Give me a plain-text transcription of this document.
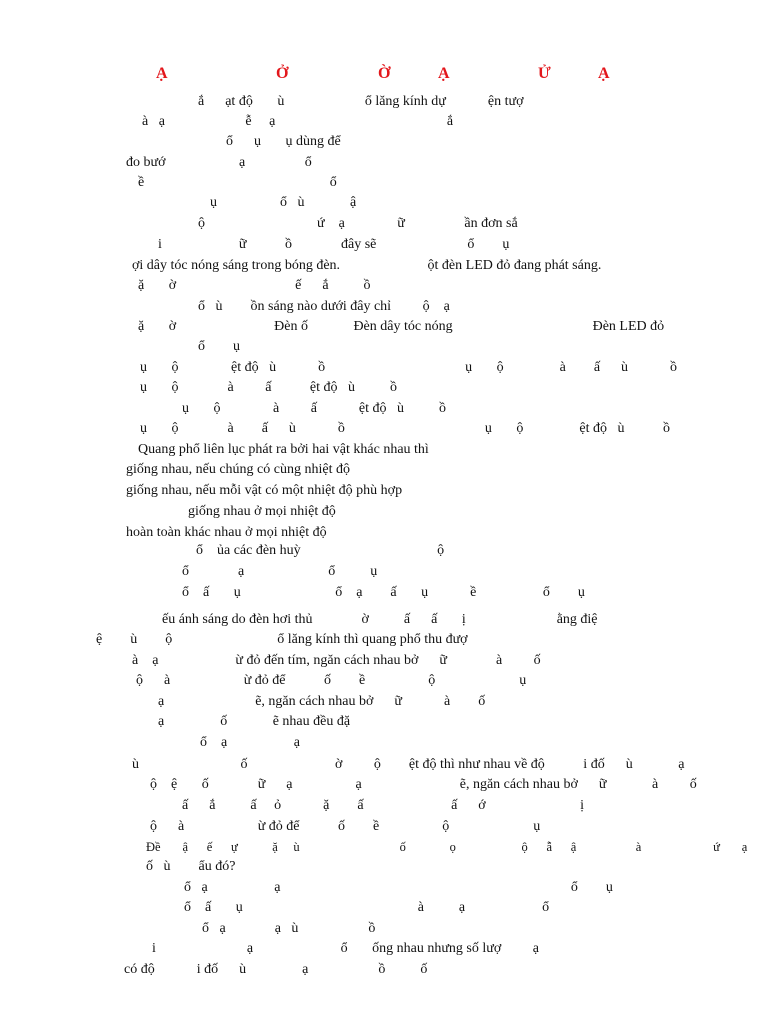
Ạ	Ở	Ờ	Ạ	Ử	Ạ
ắ      ạt độ       ù                       ổ lăng kính dự            ện tượ
à   ạ                       ễ     ạ                                                 ắ
ổ      ụ       ụ dùng để
đo bướ                     ạ                 ổ
ề                                                     ổ
ụ                  ổ   ù             ậ
ộ                                ứ    ạ               ữ                 ần đơn sắ
i                      ữ           ồ              đây sẽ                          ổ        ụ
ợi dây tóc nóng sáng trong bóng đèn.                         ột đèn LED đỏ đang phát sáng.
ặ       ờ                                  ế      ắ          ồ
ổ   ù        ồn sáng nào dưới đây chỉ         ộ    ạ
ặ       ờ                            Đèn ố             Đèn dây tóc nóng                                        Đèn LED đỏ
ổ        ụ
ụ       ộ               ệt độ   ù            ồ                                        ụ       ộ                à        ấ      ù            ồ
ụ       ộ              à         ấ           ệt độ   ù          ồ
ụ       ộ               à         ấ            ệt độ   ù          ồ
ụ       ộ              à        ấ      ù            ồ                                        ụ       ộ                ệt độ   ù           ồ
Quang phổ liên lục phát ra bởi hai vật khác nhau thì
giống nhau, nếu chúng có cùng nhiệt độ
giống nhau, nếu mỗi vật có một nhiệt độ phù hợp
giống nhau ở mọi nhiệt độ
hoàn toàn khác nhau ở mọi nhiệt độ
ổ    ủa các đèn huỳ                                       ộ
ổ              ạ                        ổ          ụ
ổ    ấ       ụ                           ổ    ạ        ấ       ụ            ề                   ổ        ụ
ếu ánh sáng do đèn hơi thủ              ờ          ấ      ấ       ị                          ằng điệ
ệ        ù        ộ                              ổ lăng kính thì quang phổ thu đượ
à    ạ                      ừ đỏ đến tím, ngăn cách nhau bở      ữ              à         ố
ộ      à                     ừ đỏ để           ố        ề                  ộ                        ụ
ạ                          ẽ, ngăn cách nhau bở      ữ            à        ố
ạ                ố             ẽ nhau đều đặ
ổ    ạ                   ạ
ù                             ố                         ờ         ộ        ệt độ thì như nhau về độ           i đố      ù             ạ
ộ    ệ       ố              ữ      ạ                  ạ                            ẽ, ngăn cách nhau bở      ữ             à         ố
ấ      ắ          ấ     ỏ            ặ        ấ                         ấ      ớ                           ị
ộ      à                     ừ đỏ để           ố        ề                  ộ                        ụ
Đề       ậ      ế      ự           ặ     ù                                ố              ọ                     ộ      ẫ      ậ                   à                       ứ       ạ
ố   ù        ẩu đó?
ổ   ạ                   ạ                                                                                   ổ        ụ
ổ    ấ       ụ                                                  à          ạ                      ổ
ổ   ạ              ạ   ù                    ồ
i                          ạ                         ổ       ống nhau nhưng số lượ         ạ
có độ            i đố      ù                ạ                    ồ          ố
